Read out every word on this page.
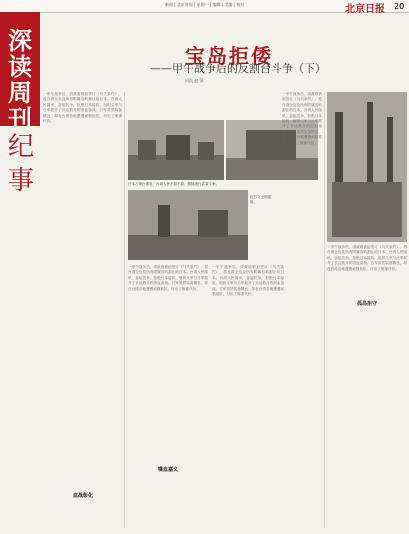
新闻 | 北京时间 | 星期一 | 编辑 | 美编 | 校对	北京日报 20
深读周刊
纪事
宝岛拒倭
——甲午战争后的反割台斗争（下）
田沉 赵 萍
一甲午战争后，清政府被迫签订《马关条约》，将台湾全岛及所有附属岛屿割让给日本。台湾人民闻讯，奋起抗争，拒绝日本接收，组织义军与日军展开了长达数月的浴血奋战。日军虽然装备精良，却在台湾各地遭遇顽强抵抗，付出了惨重代价。
血战彰化
日本占领台湾后，台湾人民不屈不挠，继续进行武装斗争。
抗日义士的遗址。
一甲午战争后，清政府被迫签订《马关条约》，将台湾全岛及所有附属岛屿割让给日本。台湾人民闻讯，奋起抗争，拒绝日本接收，组织义军与日军展开了长达数月的浴血奋战。日军虽然装备精良，却在台湾各地遭遇顽强抵抗，付出了惨重代价。
喋血嘉义
一甲午战争后，清政府被迫签订《马关条约》，将台湾全岛及所有附属岛屿割让给日本。台湾人民闻讯，奋起抗争，拒绝日本接收，组织义军与日军展开了长达数月的浴血奋战。日军虽然装备精良，却在台湾各地遭遇顽强抵抗，付出了惨重代价。
一甲午战争后，清政府被迫签订《马关条约》，将台湾全岛及所有附属岛屿割让给日本。台湾人民闻讯，奋起抗争，拒绝日本接收，组织义军与日军展开了长达数月的浴血奋战。日军虽然装备精良，却在台湾各地遭遇顽强抵抗，付出了惨重代价。
一甲午战争后，清政府被迫签订《马关条约》，将台湾全岛及所有附属岛屿割让给日本。台湾人民闻讯，奋起抗争，拒绝日本接收，组织义军与日军展开了长达数月的浴血奋战。日军虽然装备精良，却在台湾各地遭遇顽强抵抗，付出了惨重代价。
孤岛拒守
